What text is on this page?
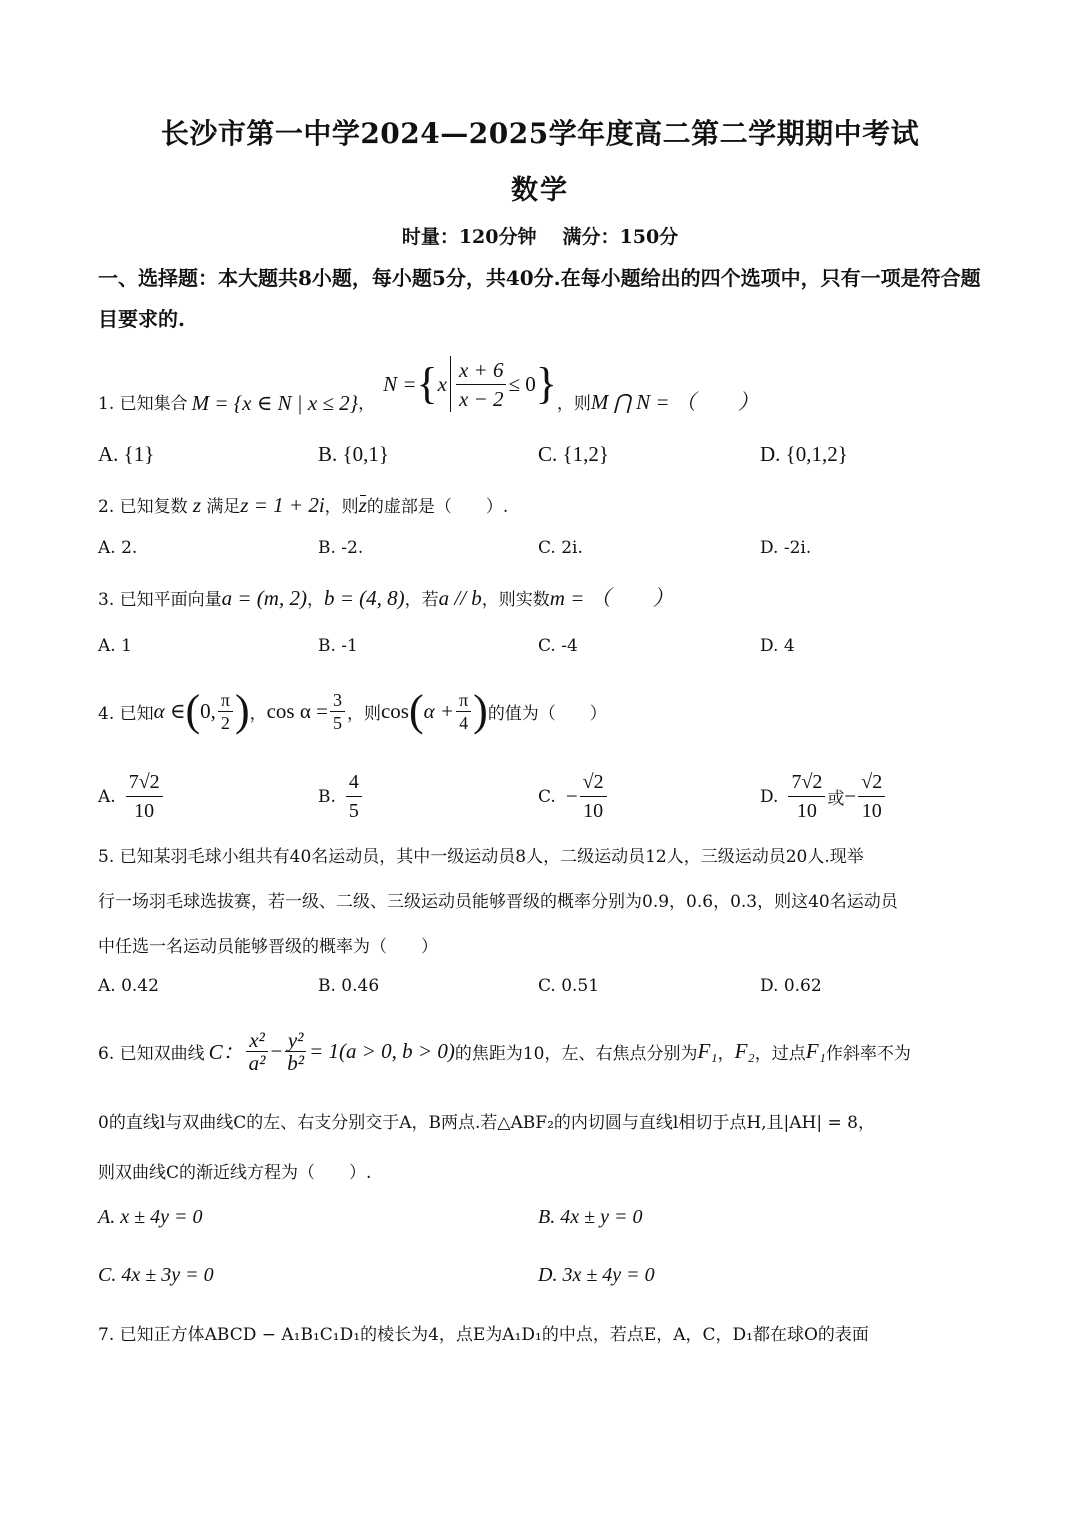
长沙市第一中学2024—2025学年度高二第二学期期中考试
数学
时量：120分钟 满分：150分
一、选择题：本大题共8小题，每小题5分，共40分.在每小题给出的四个选项中，只有一项是符合题目要求的.
1. 已知集合 M = {x ∈ N | x ≤ 2} ，
N = { x $\frac{x + 6}{x - 2} \le 0$ } ，则 M ⋂ N = （　　）
A. {1}	B. {0,1}	C. {1,2}	D. {0,1,2}
2. 已知复数 z 满足z = 1 + 2i，则z的虚部是（　　）.
A. 2.	B. -2.	C. 2i.	D. -2i.
3. 已知平面向量a = (m, 2)，b = (4, 8)，若a // b，则实数m = （　　）
A. 1	B. -1	C. -4	D. 4
4. 已知 α ∈ ( 0, $\frac{\pi}{2}$ ) ， $\cos \alpha = \frac{3}{5}$ ，则 cos ( $\alpha + \frac{\pi}{4}$ ) 的值为（　　）
A. $\frac{7√2}{10}$	B. $\frac{4}{5}$	C. − $\frac{√2}{10}$	D. $\frac{7√2}{10}$ 或 − $\frac{√2}{10}$
5. 已知某羽毛球小组共有40名运动员，其中一级运动员8人，二级运动员12人，三级运动员20人.现举
行一场羽毛球选拔赛，若一级、二级、三级运动员能够晋级的概率分别为0.9，0.6，0.3，则这40名运动员
中任选一名运动员能够晋级的概率为（　　）
A. 0.42	B. 0.46	C. 0.51	D. 0.62
6. 已知双曲线 C： $\frac{\text{x²}}{\text{a²}} - \frac{\text{y²}}{\text{b²}} = 1(a > 0$, b > 0) 的焦距为10，左、右焦点分别为 F₁ ， F₂ ，过点 F₁ 作斜率不为
0的直线l与双曲线C的左、右支分别交于A，B两点.若△ABF₂的内切圆与直线l相切于点H,且|AH| = 8，
则双曲线C的渐近线方程为（　　）.
A. x ± 4y = 0	B. 4x ± y = 0
C. 4x ± 3y = 0	D. 3x ± 4y = 0
7. 已知正方体ABCD − A₁B₁C₁D₁的棱长为4，点E为A₁D₁的中点，若点E，A，C，D₁都在球O的表面
